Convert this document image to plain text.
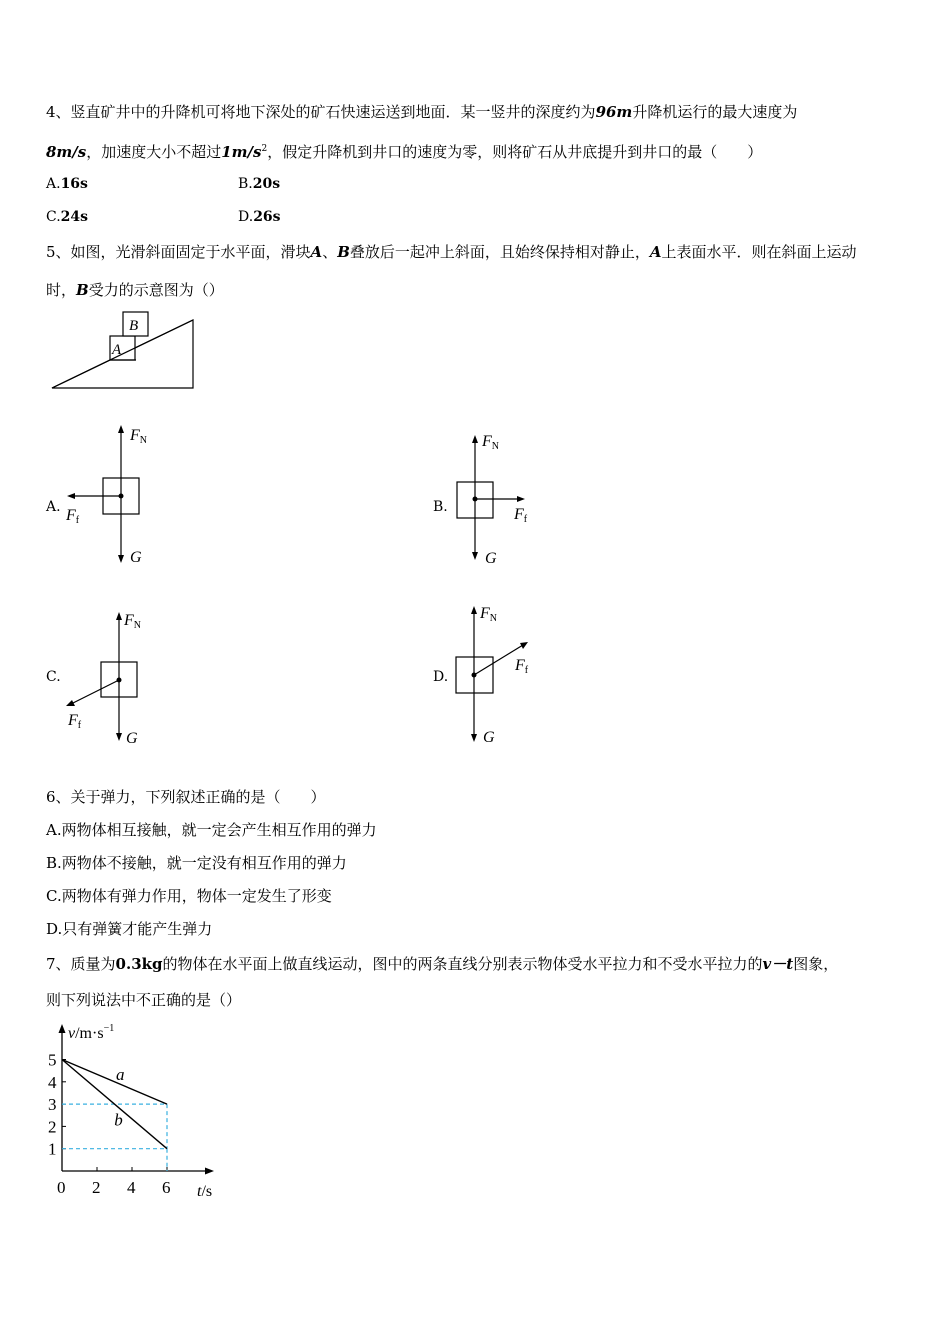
4、竖直矿井中的升降机可将地下深处的矿石快速运送到地面．某一竖井的深度约为96m升降机运行的最大速度为
8m/s，加速度大小不超过$1m/s^2$，假定升降机到井口的速度为零，则将矿石从井底提升到井口的最（　　）
A.16s	B.20s
C.24s	D.26s
5、如图，光滑斜面固定于水平面，滑块A、B叠放后一起冲上斜面，且始终保持相对静止，A上表面水平．则在斜面上运动
时，B受力的示意图为（）
A
B
A.
FN
Ff
G
B.
FN
Ff
G
C.
FN
Ff
G
D.
FN
Ff
G
6、关于弹力，下列叙述正确的是（　　）
A.两物体相互接触，就一定会产生相互作用的弹力
B.两物体不接触，就一定没有相互作用的弹力
C.两物体有弹力作用，物体一定发生了形变
D.只有弹簧才能产生弹力
7、质量为0.3kg的物体在水平面上做直线运动，图中的两条直线分别表示物体受水平拉力和不受水平拉力的v－t图象，
则下列说法中不正确的是（）
1
2
3
4
5
0 2 4 6
a
b
$v/m\cdot s^{-1}$
t/s
